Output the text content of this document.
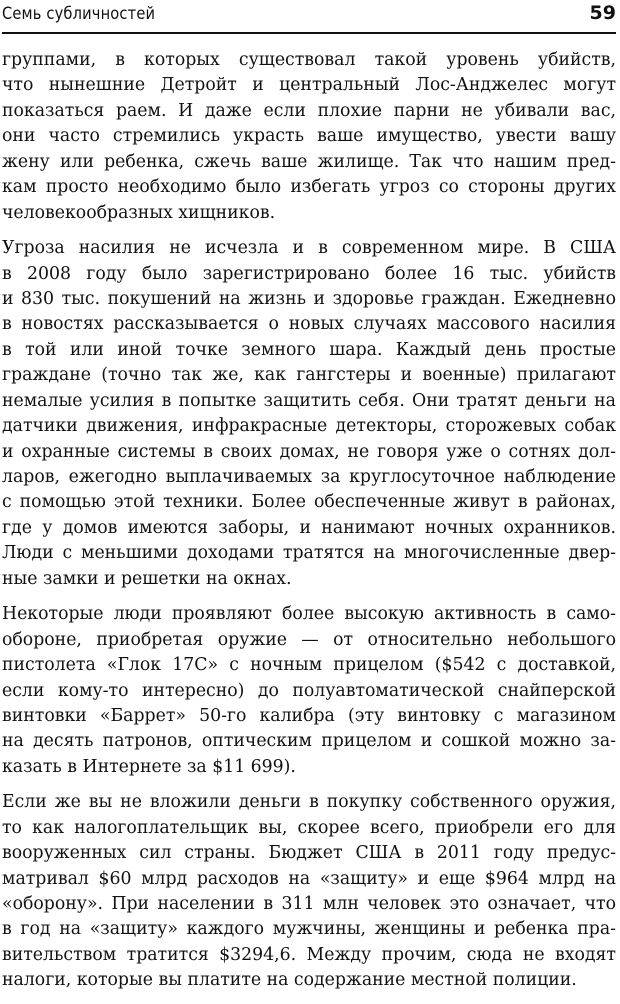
Семь субличностей	59
группами, в которых существовал такой уровень убийств,
что нынешние Детройт и центральный Лос-Анджелес могут
показаться раем. И даже если плохие парни не убивали вас,
они часто стремились украсть ваше имущество, увести вашу
жену или ребенка, сжечь ваше жилище. Так что нашим пред-
кам просто необходимо было избегать угроз со стороны других
человекообразных хищников.
Угроза насилия не исчезла и в современном мире. В США
в 2008 году было зарегистрировано более 16 тыс. убийств
и 830 тыс. покушений на жизнь и здоровье граждан. Ежедневно
в новостях рассказывается о новых случаях массового насилия
в той или иной точке земного шара. Каждый день простые
граждане (точно так же, как гангстеры и военные) прилагают
немалые усилия в попытке защитить себя. Они тратят деньги на
датчики движения, инфракрасные детекторы, сторожевых собак
и охранные системы в своих домах, не говоря уже о сотнях дол-
ларов, ежегодно выплачиваемых за круглосуточное наблюдение
с помощью этой техники. Более обеспеченные живут в районах,
где у домов имеются заборы, и нанимают ночных охранников.
Люди с меньшими доходами тратятся на многочисленные двер-
ные замки и решетки на окнах.
Некоторые люди проявляют более высокую активность в само-
обороне, приобретая оружие — от относительно небольшого
пистолета «Глок 17С» с ночным прицелом ($542 с доставкой,
если кому-то интересно) до полуавтоматической снайперской
винтовки «Баррет» 50-го калибра (эту винтовку с магазином
на десять патронов, оптическим прицелом и сошкой можно за-
казать в Интернете за $11 699).
Если же вы не вложили деньги в покупку собственного оружия,
то как налогоплательщик вы, скорее всего, приобрели его для
вооруженных сил страны. Бюджет США в 2011 году предус-
матривал $60 млрд расходов на «защиту» и еще $964 млрд на
«оборону». При населении в 311 млн человек это означает, что
в год на «защиту» каждого мужчины, женщины и ребенка пра-
вительством тратится $3294,6. Между прочим, сюда не входят
налоги, которые вы платите на содержание местной полиции.
